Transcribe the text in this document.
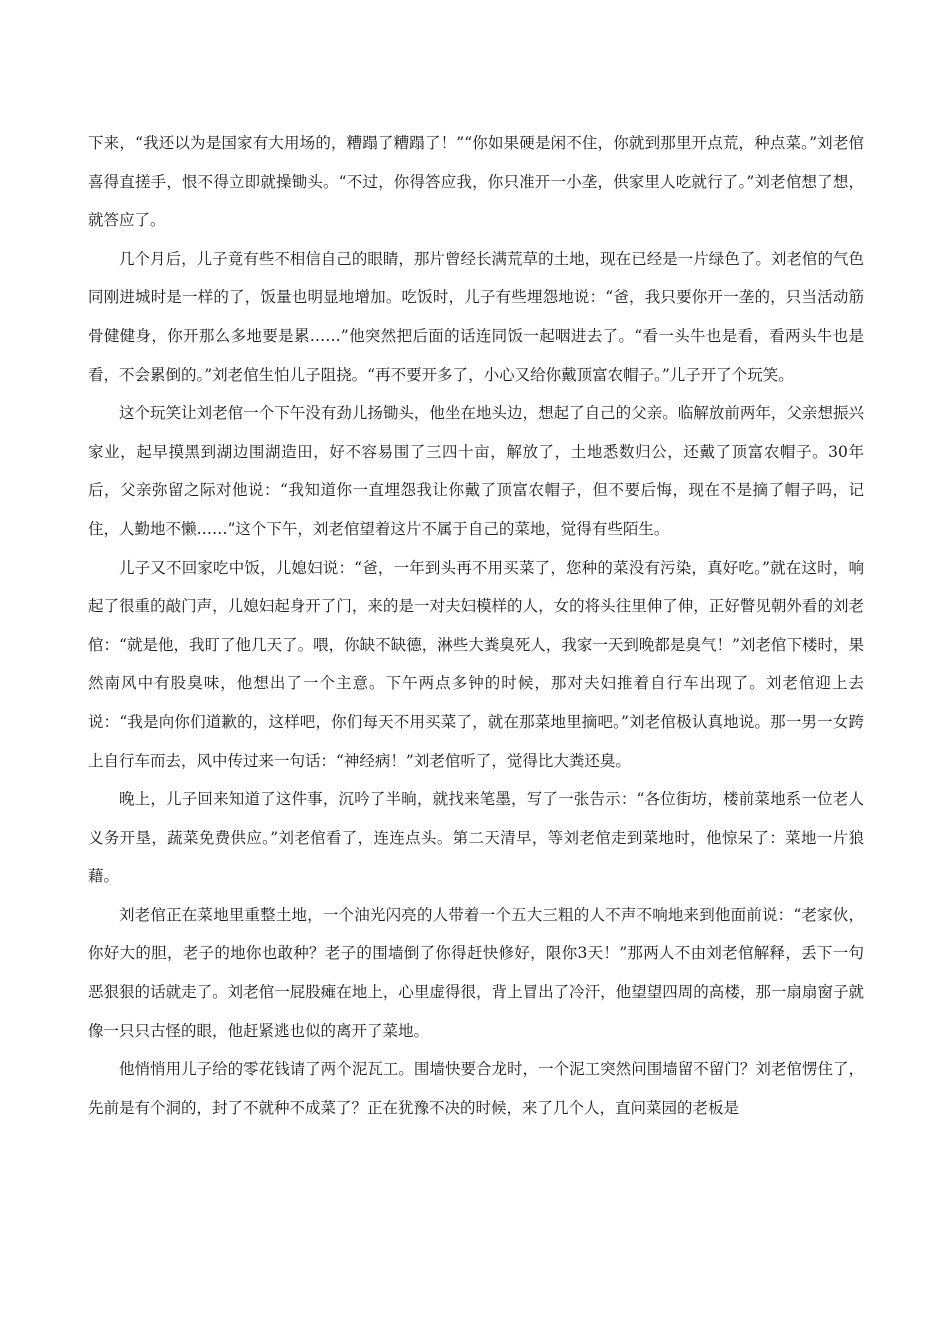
下来，“我还以为是国家有大用场的，糟蹋了糟蹋了！”“你如果硬是闲不住，你就到那里开点荒，种点菜。”刘老倌喜得直搓手，恨不得立即就操锄头。“不过，你得答应我，你只准开一小垄，供家里人吃就行了。”刘老倌想了想，就答应了。

几个月后，儿子竟有些不相信自己的眼睛，那片曾经长满荒草的土地，现在已经是一片绿色了。刘老倌的气色同刚进城时是一样的了，饭量也明显地增加。吃饭时，儿子有些埋怨地说：“爸，我只要你开一垄的，只当活动筋骨健健身，你开那么多地要是累……”他突然把后面的话连同饭一起咽进去了。“看一头牛也是看，看两头牛也是看，不会累倒的。”刘老倌生怕儿子阻挠。“再不要开多了，小心又给你戴顶富农帽子。”儿子开了个玩笑。

这个玩笑让刘老倌一个下午没有劲儿扬锄头，他坐在地头边，想起了自己的父亲。临解放前两年，父亲想振兴家业，起早摸黑到湖边围湖造田，好不容易围了三四十亩，解放了，土地悉数归公，还戴了顶富农帽子。30年后，父亲弥留之际对他说：“我知道你一直埋怨我让你戴了顶富农帽子，但不要后悔，现在不是摘了帽子吗，记住，人勤地不懒……”这个下午，刘老倌望着这片不属于自己的菜地，觉得有些陌生。

儿子又不回家吃中饭，儿媳妇说：“爸，一年到头再不用买菜了，您种的菜没有污染，真好吃。”就在这时，响起了很重的敲门声，儿媳妇起身开了门，来的是一对夫妇模样的人，女的将头往里伸了伸，正好瞥见朝外看的刘老倌：“就是他，我盯了他几天了。喂，你缺不缺德，淋些大粪臭死人，我家一天到晚都是臭气！”刘老倌下楼时，果然南风中有股臭味，他想出了一个主意。下午两点多钟的时候，那对夫妇推着自行车出现了。刘老倌迎上去说：“我是向你们道歉的，这样吧，你们每天不用买菜了，就在那菜地里摘吧。”刘老倌极认真地说。那一男一女跨上自行车而去，风中传过来一句话：“神经病！”刘老倌听了，觉得比大粪还臭。

晚上，儿子回来知道了这件事，沉吟了半晌，就找来笔墨，写了一张告示：“各位街坊，楼前菜地系一位老人义务开垦，蔬菜免费供应。”刘老倌看了，连连点头。第二天清早，等刘老倌走到菜地时，他惊呆了：菜地一片狼藉。

刘老倌正在菜地里重整土地，一个油光闪亮的人带着一个五大三粗的人不声不响地来到他面前说：“老家伙，你好大的胆，老子的地你也敢种？老子的围墙倒了你得赶快修好，限你3天！”那两人不由刘老倌解释，丢下一句恶狠狠的话就走了。刘老倌一屁股瘫在地上，心里虚得很，背上冒出了冷汗，他望望四周的高楼，那一扇扇窗子就像一只只古怪的眼，他赶紧逃也似的离开了菜地。

他悄悄用儿子给的零花钱请了两个泥瓦工。围墙快要合龙时，一个泥工突然问围墙留不留门？刘老倌愣住了，先前是有个洞的，封了不就种不成菜了？正在犹豫不决的时候，来了几个人，直问菜园的老板是
